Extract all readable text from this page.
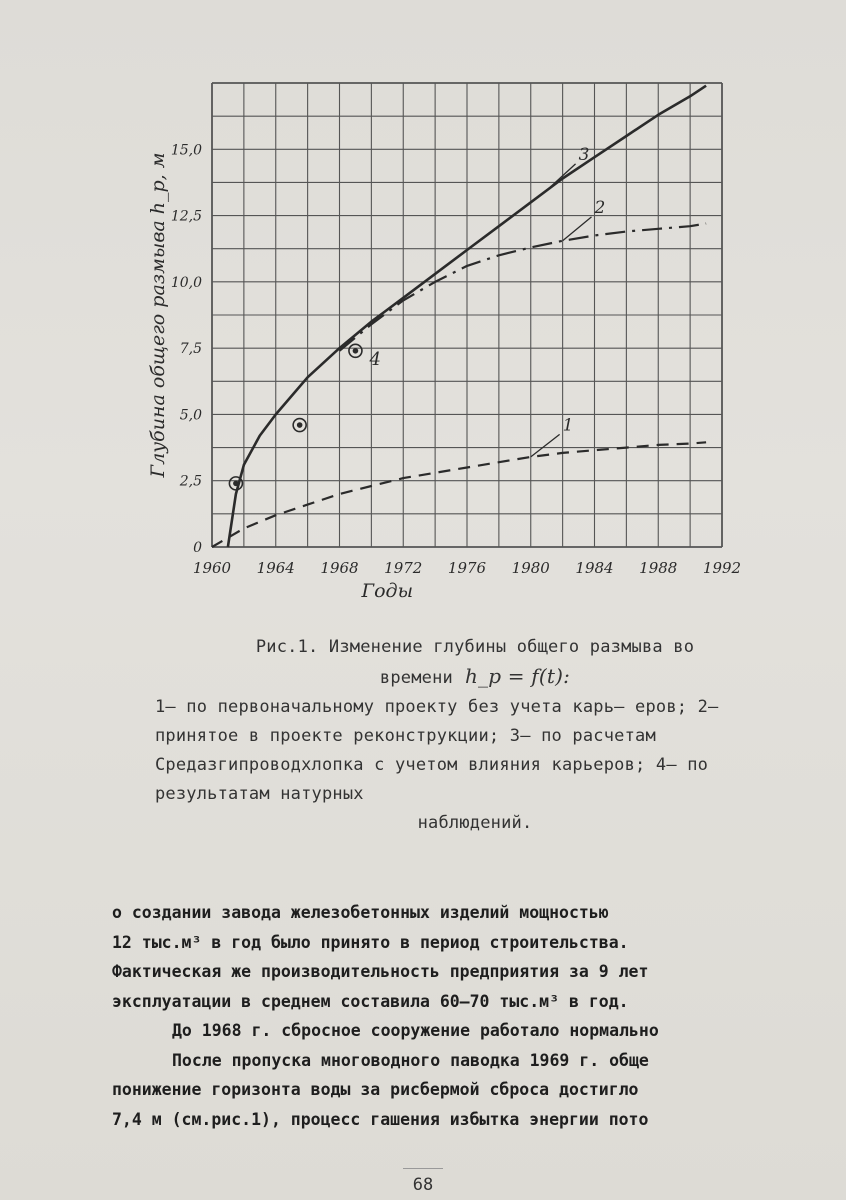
1960 1964 1968 1972 1976 1980 1984 1988 1992
0
2,5
5,0
7,5
10,0
12,5
15,0
Годы
Глубина общего размыва h_p, м	1
2
3
4
Рис.1. Изменение глубины общего размыва во
времени h_p = f(t):
1– по первоначальному проекту без учета карь– еров; 2– принятое в проекте реконструкции; 3– по расчетам Средазгипроводхлопка с учетом влияния карьеров; 4– по результатам натурных
наблюдений.
о создании завода железобетонных изделий мощностью
12 тыс.м³ в год было принято в период строительства.
Фактическая же производительность предприятия за 9 лет
эксплуатации в среднем составила 60–70 тыс.м³ в год.
До 1968 г. сбросное сооружение работало нормально
После пропуска многоводного паводка 1969 г. обще
понижение горизонта воды за рисбермой сброса достигло
7,4 м (см.рис.1), процесс гашения избытка энергии пото
68
